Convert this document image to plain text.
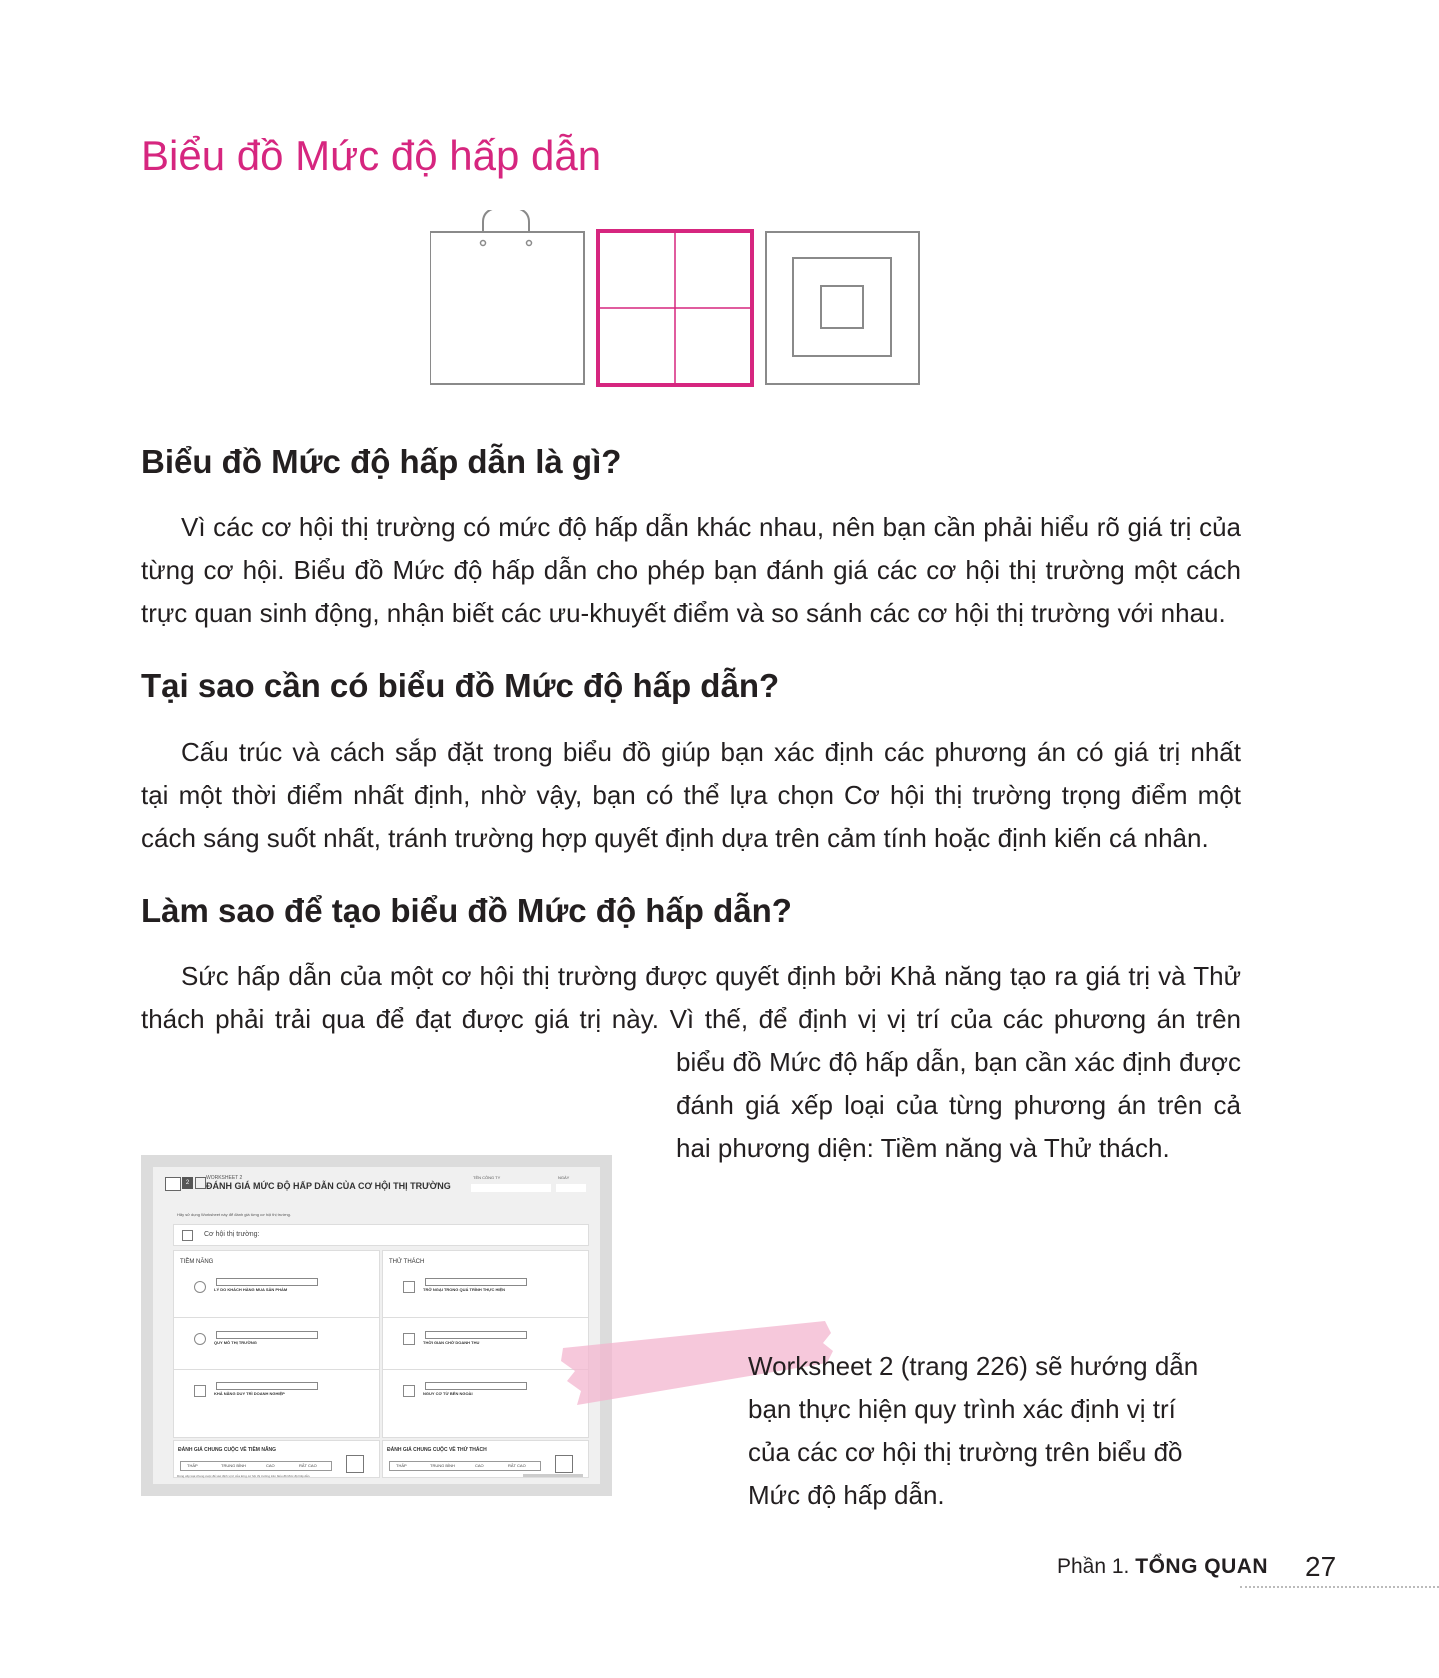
Biểu đồ Mức độ hấp dẫn
Biểu đồ Mức độ hấp dẫn là gì?

Vì các cơ hội thị trường có mức độ hấp dẫn khác nhau, nên bạn cần phải hiểu rõ giá trị của
từng cơ hội. Biểu đồ Mức độ hấp dẫn cho phép bạn đánh giá các cơ hội thị trường một cách
trực quan sinh động, nhận biết các ưu-khuyết điểm và so sánh các cơ hội thị trường với nhau.

Tại sao cần có biểu đồ Mức độ hấp dẫn?

Cấu trúc và cách sắp đặt trong biểu đồ giúp bạn xác định các phương án có giá trị nhất
tại một thời điểm nhất định, nhờ vậy, bạn có thể lựa chọn Cơ hội thị trường trọng điểm một
cách sáng suốt nhất, tránh trường hợp quyết định dựa trên cảm tính hoặc định kiến cá nhân.

Làm sao để tạo biểu đồ Mức độ hấp dẫn?

Sức hấp dẫn của một cơ hội thị trường được quyết định bởi Khả năng tạo ra giá trị và Thử
thách phải trải qua để đạt được giá trị này. Vì thế, để định vị vị trí của các phương án trên

biểu đồ Mức độ hấp dẫn, bạn cần xác định được
đánh giá xếp loại của từng phương án trên cả
hai phương diện: Tiềm năng và Thử thách.

2
WORKSHEET 2
ĐÁNH GIÁ MỨC ĐỘ HẤP DẪN CỦA CƠ HỘI THỊ TRƯỜNG
TÊN CÔNG TY	NGÀY
Hãy sử dụng Worksheet này để đánh giá từng cơ hội thị trường.
Cơ hội thị trường:
TIỀM NĂNG
LÝ DO KHÁCH HÀNG MUA SẢN PHẨM
QUY MÔ THỊ TRƯỜNG
KHẢ NĂNG DUY TRÌ DOANH NGHIỆP
THỬ THÁCH
TRỞ NGẠI TRONG QUÁ TRÌNH THỰC HIỆN
THỜI GIAN CHỜ DOANH THU
NGUY CƠ TỪ BÊN NGOÀI
ĐÁNH GIÁ CHUNG CUỘC VỀ TIỀM NĂNG
THẤP	TRUNG BÌNH	CAO	RẤT CAO
ĐÁNH GIÁ CHUNG CUỘC VỀ THỬ THÁCH
THẤP	TRUNG BÌNH	CAO	RẤT CAO
Dùng xếp loại chung cuộc để xác định vị trí của từng cơ hội thị trường trên biểu đồ Mức độ hấp dẫn.
Worksheet 2 (trang 226) sẽ hướng dẫn
bạn thực hiện quy trình xác định vị trí
của các cơ hội thị trường trên biểu đồ
Mức độ hấp dẫn.
Phần 1. TỔNG QUAN 27
